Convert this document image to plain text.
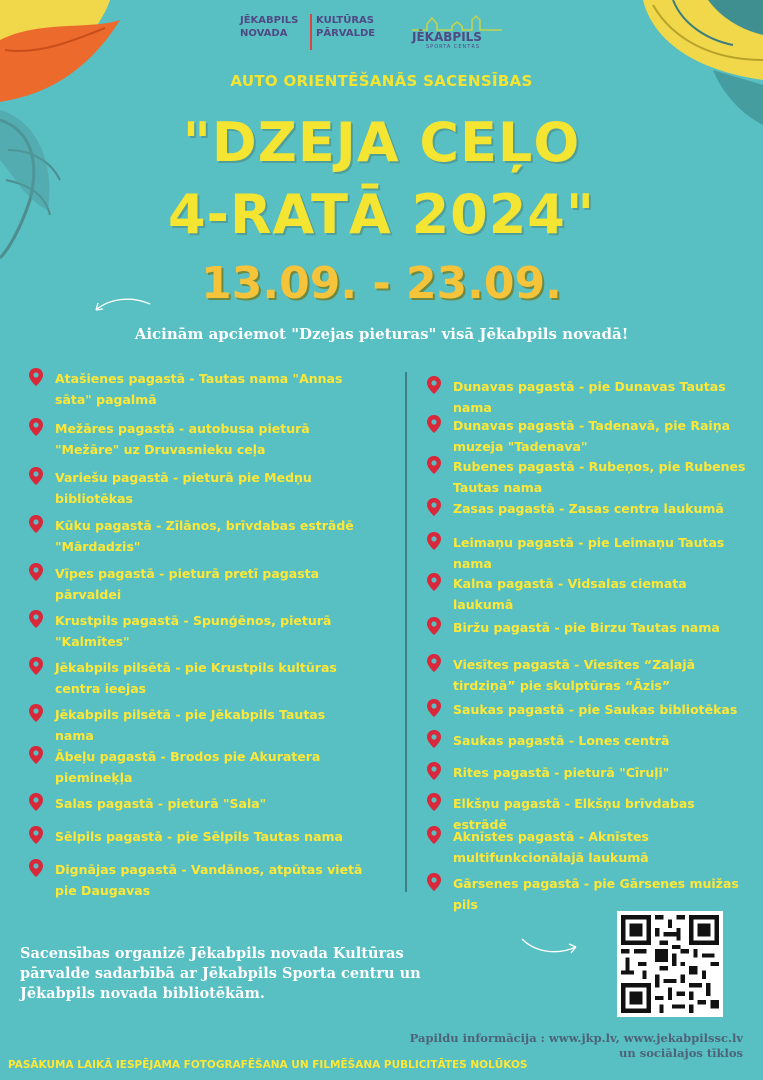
JĒKABPILS
NOVADA
KULTŪRAS
PĀRVALDE	JĒKABPILS
SPORTA CENTRS
AUTO ORIENTĒŠANĀS SACENSĪBAS
"DZEJA CEĻO
4-RATĀ 2024"
13.09. - 23.09.
Aicinām apciemot "Dzejas pieturas" visā Jēkabpils novadā!
Atašienes pagastā - Tautas nama "Annas sāta" pagalmā
Mežāres pagastā - autobusa pieturā "Mežāre" uz Druvasnieku ceļa
Variešu pagastā - pieturā pie Medņu bibliotēkas
Kūku pagastā - Zīlānos, brīvdabas estrādē "Mārdadzis"
Vīpes pagastā - pieturā pretī pagasta pārvaldei
Krustpils pagastā - Spunģēnos, pieturā "Kalmītes"
Jēkabpils pilsētā - pie Krustpils kultūras centra ieejas
Jēkabpils pilsētā - pie Jēkabpils Tautas nama
Ābeļu pagastā - Brodos pie Akuratera piemineķļa
Salas pagastā - pieturā "Sala"
Sēlpils pagastā - pie Sēlpils Tautas nama
Dignājas pagastā - Vandānos, atpūtas vietā pie Daugavas
Dunavas pagastā - pie Dunavas Tautas nama
Dunavas pagastā - Tadenavā, pie Raiņa muzeja "Tadenava"
Rubenes pagastā - Rubeņos, pie Rubenes Tautas nama
Zasas pagastā - Zasas centra laukumā
Leimaņu pagastā - pie Leimaņu Tautas nama
Kalna pagastā - Vidsalas ciemata laukumā
Biržu pagastā - pie Birzu Tautas nama
Viesītes pagastā - Viesītes “Zaļajā tirdziņā” pie skulptūras “Āzis”
Saukas pagastā - pie Saukas bibliotēkas
Saukas pagastā - Lones centrā
Rites pagastā - pieturā "Cīruļi"
Elkšņu pagastā - Elkšņu brīvdabas estrādē
Aknīstes pagastā - Aknīstes multifunkcionālajā laukumā
Gārsenes pagastā - pie Gārsenes muižas pils
Sacensības organizē Jēkabpils novada Kultūras pārvalde sadarbībā ar Jēkabpils Sporta centru un Jēkabpils novada bibliotēkām.
Papildu informācija : www.jkp.lv, www.jekabpilssc.lv
un sociālajos tīklos
PASĀKUMA LAIKĀ IESPĒJAMA FOTOGRAFĒŠANA UN FILMĒŠANA PUBLICITĀTES NOLŪKOS
